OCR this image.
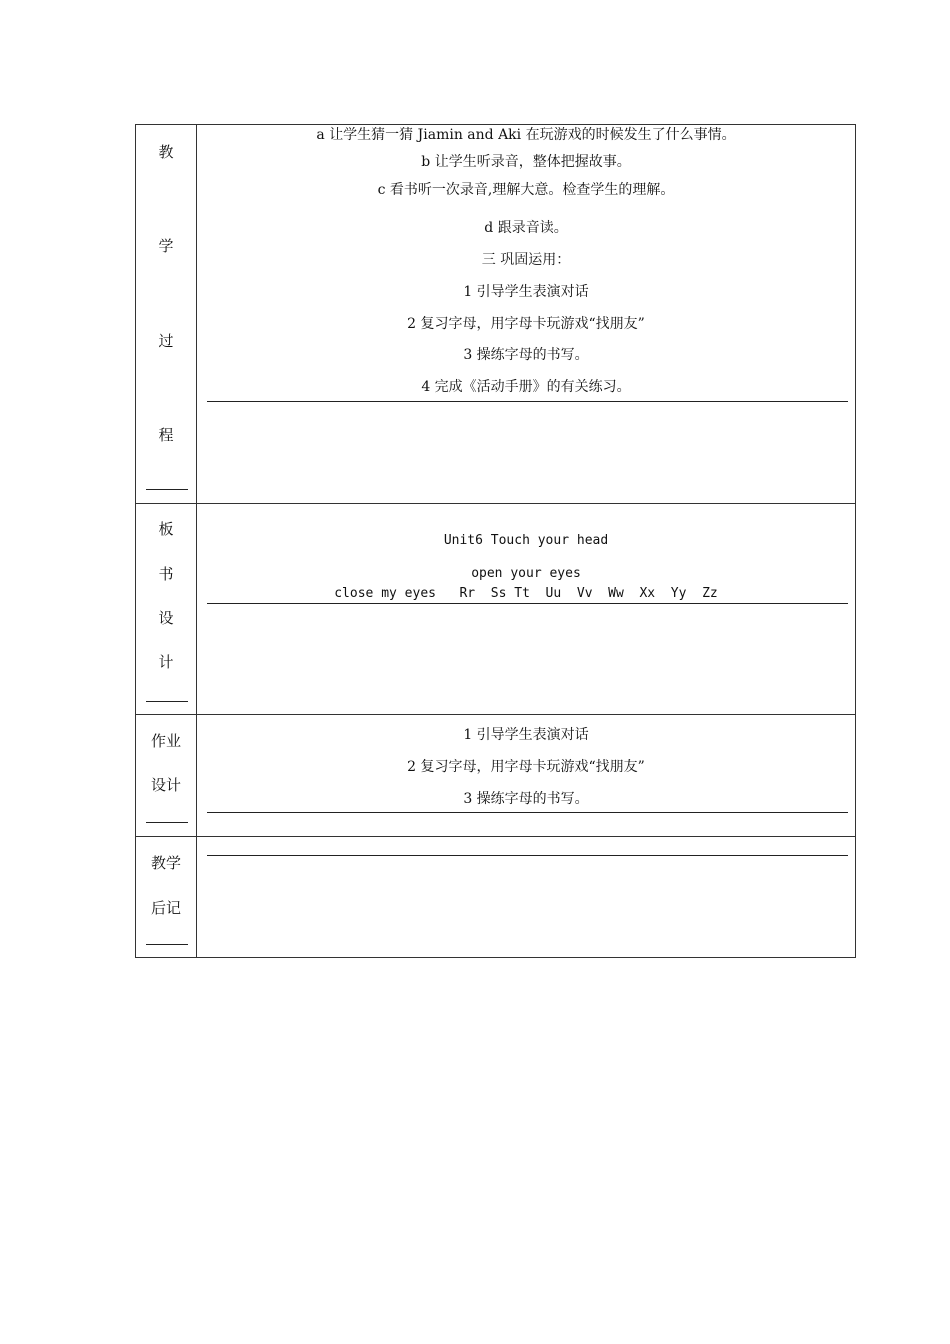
教
学
过
程
a 让学生猜一猜 Jiamin and Aki 在玩游戏的时候发生了什么事情。
b 让学生听录音，整体把握故事。
c 看书听一次录音,理解大意。检查学生的理解。
d 跟录音读。
三 巩固运用：
1 引导学生表演对话
2 复习字母，用字母卡玩游戏“找朋友”
3 操练字母的书写。
4 完成《活动手册》的有关练习。
板
书
设
计
Unit6 Touch your head
open your eyes
close my eyes   Rr  Ss Tt  Uu  Vv  Ww  Xx  Yy  Zz
作业
设计
1 引导学生表演对话
2 复习字母，用字母卡玩游戏“找朋友”
3 操练字母的书写。
教学
后记
